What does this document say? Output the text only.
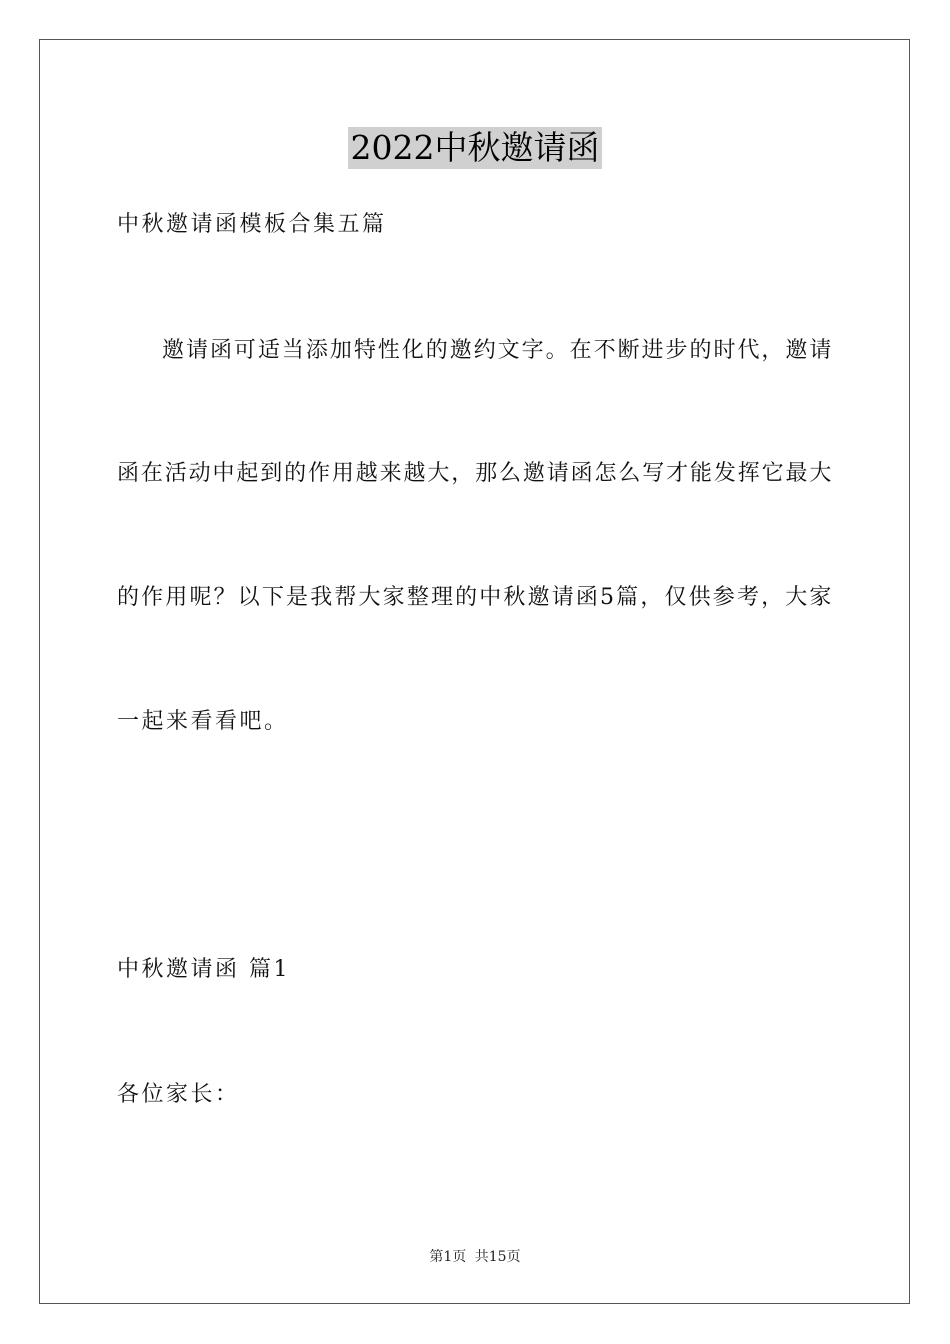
2022中秋邀请函
中秋邀请函模板合集五篇
邀请函可适当添加特性化的邀约文字。在不断进步的时代，邀请
函在活动中起到的作用越来越大，那么邀请函怎么写才能发挥它最大
的作用呢？以下是我帮大家整理的中秋邀请函5篇，仅供参考，大家
一起来看看吧。
中秋邀请函 篇1
各位家长：
第1页 共15页
